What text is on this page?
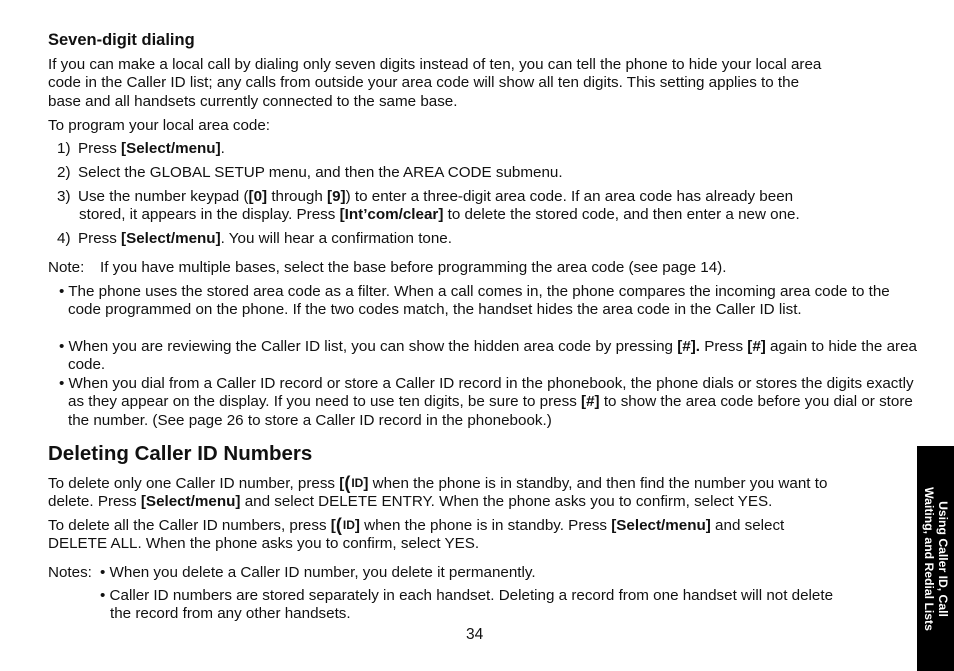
Seven-digit dialing

If you can make a local call by dialing only seven digits instead of ten, you can tell the phone to hide your local area
code in the Caller ID list; any calls from outside your area code will show all ten digits. This setting applies to the
base and all handsets currently connected to the same base.

To program your local area code:

1) Press [Select/menu].
2) Select the GLOBAL SETUP menu, and then the AREA CODE submenu.
3) Use the number keypad ([0] through [9]) to enter a three-digit area code. If an area code has already been
stored, it appears in the display. Press [Int’com/clear] to delete the stored code, and then enter a new one.
4) Press [Select/menu]. You will hear a confirmation tone.

Note: If you have multiple bases, select the base before programming the area code (see page 14).

• The phone uses the stored area code as a filter. When a call comes in, the phone compares the incoming area code to the code programmed on the phone. If the two codes match, the handset hides the area code in the Caller ID list.

• When you are reviewing the Caller ID list, you can show the hidden area code by pressing [#]. Press [#] again to hide the area code.

• When you dial from a Caller ID record or store a Caller ID record in the phonebook, the phone dials or stores the digits exactly as they appear on the display. If you need to use ten digits, be sure to press [#] to show the area code before you dial or store the number. (See page 26 to store a Caller ID record in the phonebook.)

Deleting Caller ID Numbers

To delete only one Caller ID number, press [ ( ID ] when the phone is in standby, and then find the number you want to
delete. Press [Select/menu] and select DELETE ENTRY. When the phone asks you to confirm, select YES.

To delete all the Caller ID numbers, press [ ( ID ] when the phone is in standby. Press [Select/menu] and select
DELETE ALL. When the phone asks you to confirm, select YES.

Notes: • When you delete a Caller ID number, you delete it permanently.

• Caller ID numbers are stored separately in each handset. Deleting a record from one handset will not delete
the record from any other handsets.

34
Using Caller ID, Call
Waiting, and Redial Lists
